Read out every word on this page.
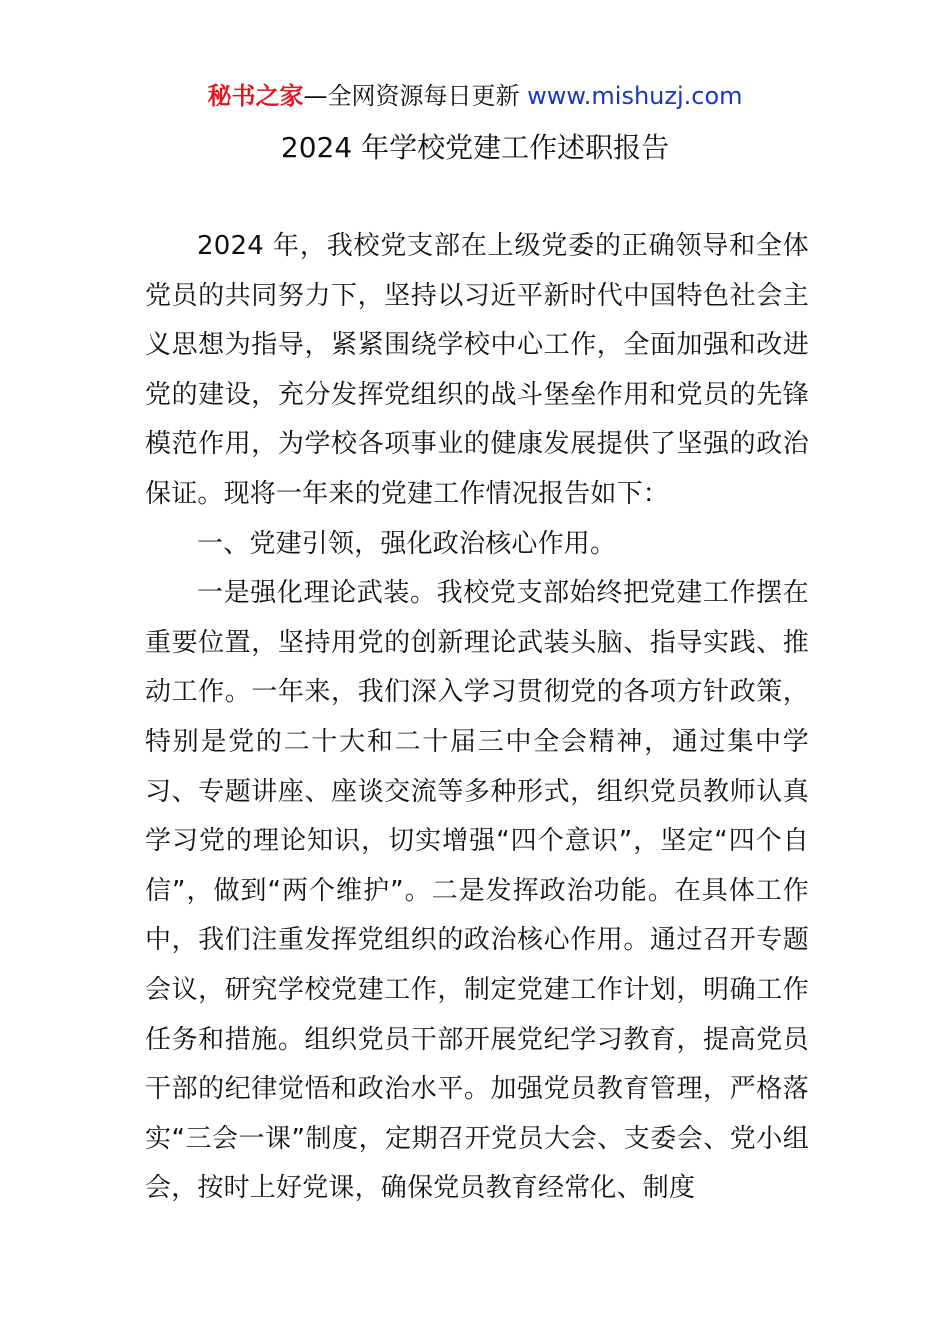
秘书之家—全网资源每日更新 www.mishuzj.com
2024 年学校党建工作述职报告

2024 年，我校党支部在上级党委的正确领导和全体党员的共同努力下，坚持以习近平新时代中国特色社会主义思想为指导，紧紧围绕学校中心工作，全面加强和改进党的建设，充分发挥党组织的战斗堡垒作用和党员的先锋模范作用，为学校各项事业的健康发展提供了坚强的政治保证。现将一年来的党建工作情况报告如下：

一、党建引领，强化政治核心作用。

一是强化理论武装。我校党支部始终把党建工作摆在重要位置，坚持用党的创新理论武装头脑、指导实践、推动工作。一年来，我们深入学习贯彻党的各项方针政策，特别是党的二十大和二十届三中全会精神，通过集中学习、专题讲座、座谈交流等多种形式，组织党员教师认真学习党的理论知识，切实增强“四个意识”，坚定“四个自信”，做到“两个维护”。二是发挥政治功能。在具体工作中，我们注重发挥党组织的政治核心作用。通过召开专题会议，研究学校党建工作，制定党建工作计划，明确工作任务和措施。组织党员干部开展党纪学习教育，提高党员干部的纪律觉悟和政治水平。加强党员教育管理，严格落实“三会一课”制度，定期召开党员大会、支委会、党小组会，按时上好党课，确保党员教育经常化、制度
